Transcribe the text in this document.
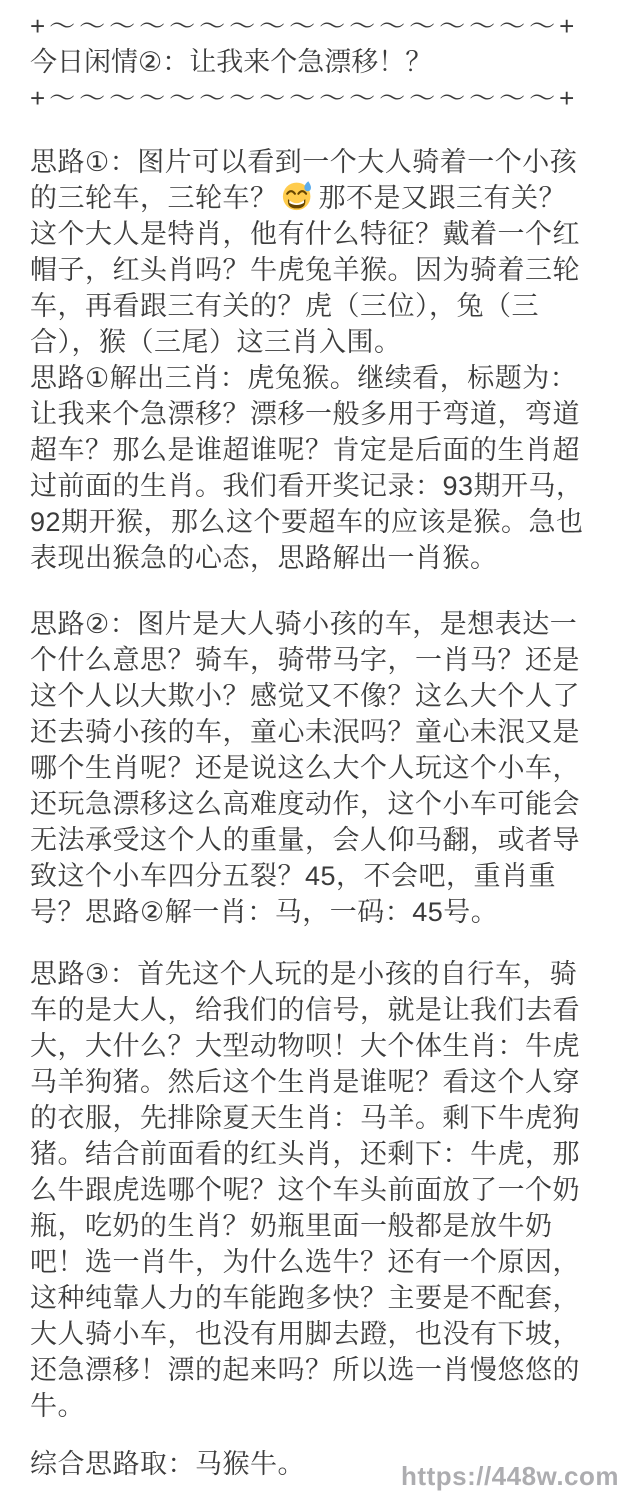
+～～～～～～～～～～～～～～～～～+
今日闲情②：让我来个急漂移！？
+～～～～～～～～～～～～～～～～～+

思路①：图片可以看到一个大人骑着一个小孩
的三轮车，三轮车？ 那不是又跟三有关？
这个大人是特肖，他有什么特征？戴着一个红
帽子，红头肖吗？牛虎兔羊猴。因为骑着三轮
车，再看跟三有关的？虎（三位），兔（三
合），猴（三尾）这三肖入围。
思路①解出三肖：虎兔猴。继续看，标题为：
让我来个急漂移？漂移一般多用于弯道，弯道
超车？那么是谁超谁呢？肯定是后面的生肖超
过前面的生肖。我们看开奖记录：93期开马，
92期开猴，那么这个要超车的应该是猴。急也
表现出猴急的心态，思路解出一肖猴。

思路②：图片是大人骑小孩的车，是想表达一
个什么意思？骑车，骑带马字，一肖马？还是
这个人以大欺小？感觉又不像？这么大个人了
还去骑小孩的车，童心未泯吗？童心未泯又是
哪个生肖呢？还是说这么大个人玩这个小车，
还玩急漂移这么高难度动作，这个小车可能会
无法承受这个人的重量，会人仰马翻，或者导
致这个小车四分五裂？45，不会吧，重肖重
号？思路②解一肖：马，一码：45号。

思路③：首先这个人玩的是小孩的自行车，骑
车的是大人，给我们的信号，就是让我们去看
大，大什么？大型动物呗！大个体生肖：牛虎
马羊狗猪。然后这个生肖是谁呢？看这个人穿
的衣服，先排除夏天生肖：马羊。剩下牛虎狗
猪。结合前面看的红头肖，还剩下：牛虎，那
么牛跟虎选哪个呢？这个车头前面放了一个奶
瓶，吃奶的生肖？奶瓶里面一般都是放牛奶
吧！选一肖牛，为什么选牛？还有一个原因，
这种纯靠人力的车能跑多快？主要是不配套，
大人骑小车，也没有用脚去蹬，也没有下坡，
还急漂移！漂的起来吗？所以选一肖慢悠悠的
牛。

综合思路取：马猴牛。	https://448w.com
